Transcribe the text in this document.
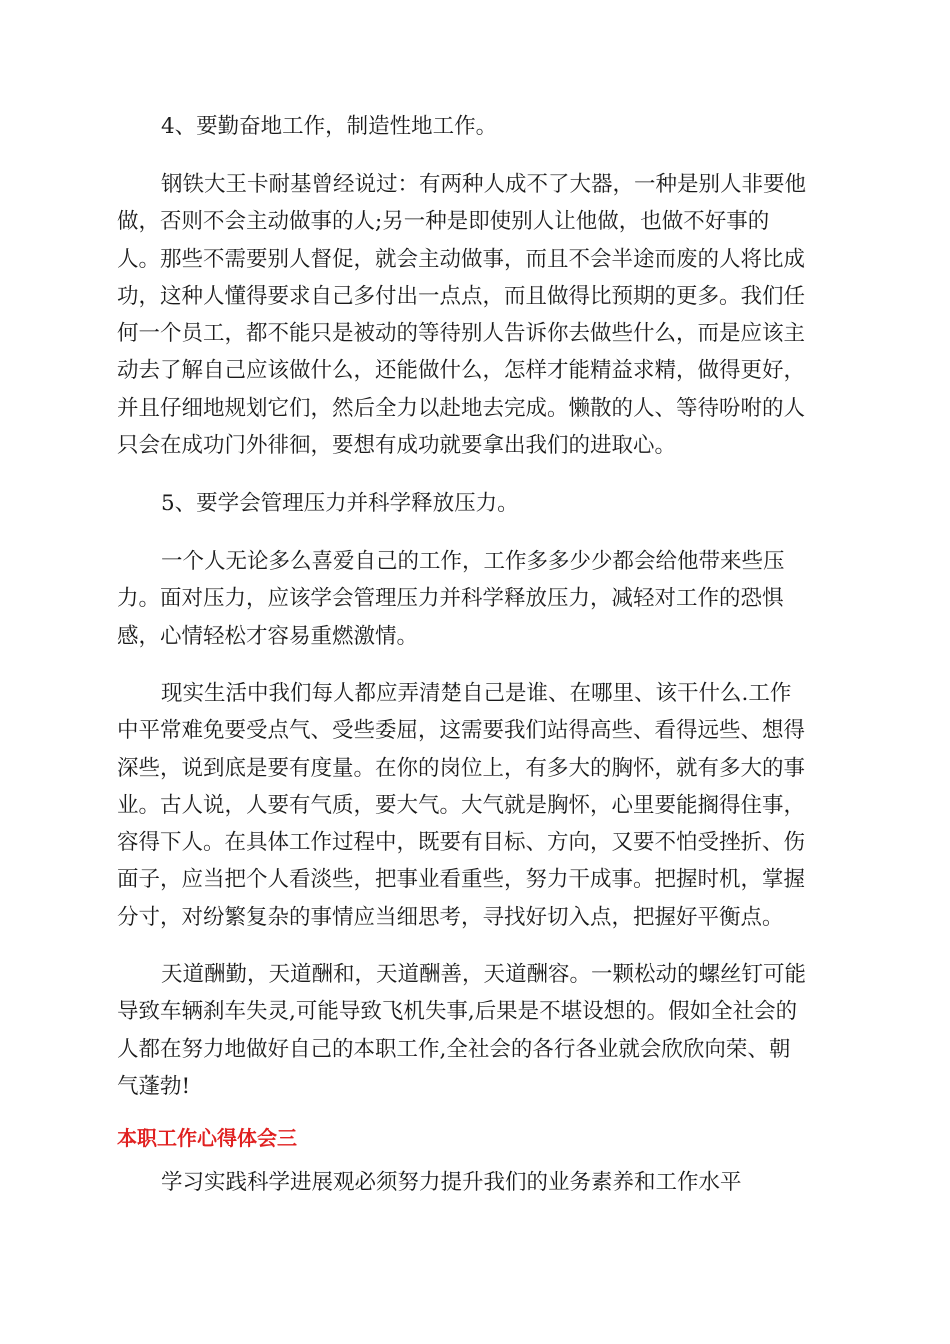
4、要勤奋地工作，制造性地工作。
钢铁大王卡耐基曾经说过：有两种人成不了大器，一种是别人非要他
做，否则不会主动做事的人;另一种是即使别人让他做，也做不好事的
人。那些不需要别人督促，就会主动做事，而且不会半途而废的人将比成
功，这种人懂得要求自己多付出一点点，而且做得比预期的更多。我们任
何一个员工，都不能只是被动的等待别人告诉你去做些什么，而是应该主
动去了解自己应该做什么，还能做什么，怎样才能精益求精，做得更好，
并且仔细地规划它们，然后全力以赴地去完成。懒散的人、等待吩咐的人
只会在成功门外徘徊，要想有成功就要拿出我们的进取心。
5、要学会管理压力并科学释放压力。
一个人无论多么喜爱自己的工作，工作多多少少都会给他带来些压
力。面对压力，应该学会管理压力并科学释放压力，减轻对工作的恐惧
感，心情轻松才容易重燃激情。
现实生活中我们每人都应弄清楚自己是谁、在哪里、该干什么.工作
中平常难免要受点气、受些委屈，这需要我们站得高些、看得远些、想得
深些，说到底是要有度量。在你的岗位上，有多大的胸怀，就有多大的事
业。古人说，人要有气质，要大气。大气就是胸怀，心里要能搁得住事，
容得下人。在具体工作过程中，既要有目标、方向，又要不怕受挫折、伤
面子，应当把个人看淡些，把事业看重些，努力干成事。把握时机，掌握
分寸，对纷繁复杂的事情应当细思考，寻找好切入点，把握好平衡点。
天道酬勤，天道酬和，天道酬善，天道酬容。一颗松动的螺丝钉可能
导致车辆刹车失灵,可能导致飞机失事,后果是不堪设想的。假如全社会的
人都在努力地做好自己的本职工作,全社会的各行各业就会欣欣向荣、朝
气蓬勃!
本职工作心得体会三
学习实践科学进展观必须努力提升我们的业务素养和工作水平
